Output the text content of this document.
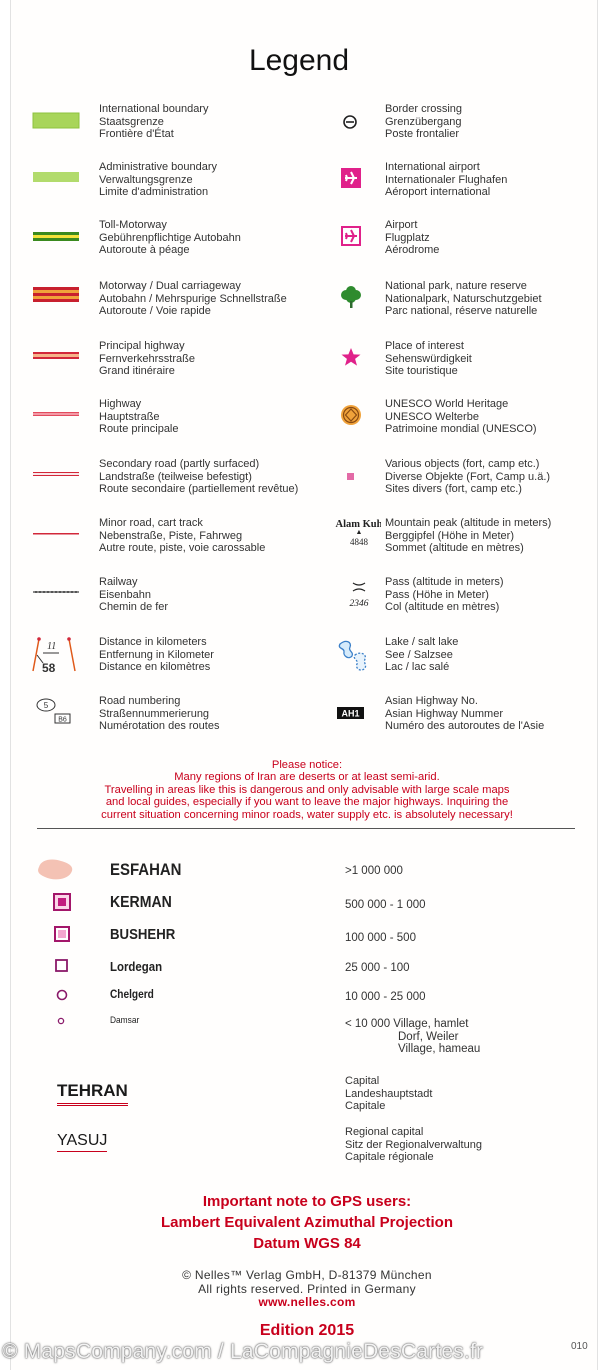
Legend
International boundary
Staatsgrenze
Frontière d'État
Administrative boundary
Verwaltungsgrenze
Limite d'administration
Toll-Motorway
Gebührenpflichtige Autobahn
Autoroute à péage
Motorway / Dual carriageway
Autobahn / Mehrspurige Schnellstraße
Autoroute / Voie rapide
Principal highway
Fernverkehrsstraße
Grand itinéraire
Highway
Hauptstraße
Route principale
Secondary road (partly surfaced)
Landstraße (teilweise befestigt)
Route secondaire (partiellement revêtue)
Minor road, cart track
Nebenstraße, Piste, Fahrweg
Autre route, piste, voie carossable
Railway
Eisenbahn
Chemin de fer
11
58
Distance in kilometers
Entfernung in Kilometer
Distance en kilomètres
5
B6
Road numbering
Straßennummerierung
Numérotation des routes
Border crossing
Grenzübergang
Poste frontalier
International airport
Internationaler Flughafen
Aéroport international
Airport
Flugplatz
Aérodrome
National park, nature reserve
Nationalpark, Naturschutzgebiet
Parc national, réserve naturelle
Place of interest
Sehenswürdigkeit
Site touristique
UNESCO World Heritage
UNESCO Welterbe
Patrimoine mondial (UNESCO)
Various objects (fort, camp etc.)
Diverse Objekte (Fort, Camp u.ä.)
Sites divers (fort, camp etc.)
Alam Kuh
▲
4848
Mountain peak (altitude in meters)
Berggipfel (Höhe in Meter)
Sommet (altitude en mètres)
2346
Pass (altitude in meters)
Pass (Höhe in Meter)
Col (altitude en mètres)
Lake / salt lake
See / Salzsee
Lac / lac salé
AH1
Asian Highway No.
Asian Highway Nummer
Numéro des autoroutes de l'Asie
Please notice:
Many regions of Iran are deserts or at least semi-arid.
Travelling in areas like this is dangerous and only advisable with large scale maps
and local guides, especially if you want to leave the major highways. Inquiring the
current situation concerning minor roads, water supply etc. is absolutely necessary!
ESFAHAN	>1 000 000
KERMAN	500 000 - 1 000
BUSHEHR	100 000 - 500
Lordegan	25 000 - 100
Chelgerd	10 000 - 25 000
Damsar	< 10 000 Village, hamlet
Dorf, Weiler
Village, hameau
TEHRAN	Capital
Landeshauptstadt
Capitale
YASUJ	Regional capital
Sitz der Regionalverwaltung
Capitale régionale
Important note to GPS users:
Lambert Equivalent Azimuthal Projection
Datum WGS 84
© Nelles™ Verlag GmbH, D-81379 München
All rights reserved. Printed in Germany
www.nelles.com
Edition 2015
010
© MapsCompany.com / LaCompagnieDesCartes.fr
